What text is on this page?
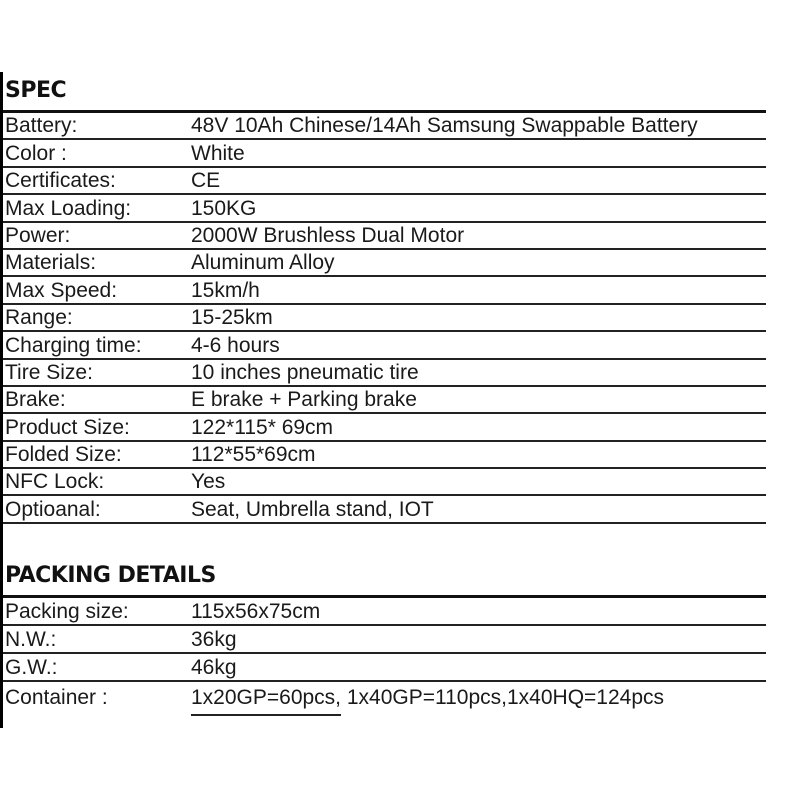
SPEC
Battery:	48V 10Ah Chinese/14Ah Samsung Swappable Battery
Color :	White
Certificates:	CE
Max Loading:	150KG
Power:	2000W Brushless Dual Motor
Materials:	Aluminum Alloy
Max Speed:	15km/h
Range:	15-25km
Charging time:	4-6 hours
Tire Size:	10 inches pneumatic tire
Brake:	E brake + Parking brake
Product Size:	122*115* 69cm
Folded Size:	112*55*69cm
NFC Lock:	Yes
Optioanal:	Seat, Umbrella stand, IOT
PACKING DETAILS
Packing size:	115x56x75cm
N.W.:	36kg
G.W.:	46kg
Container :	1x20GP=60pcs, 1x40GP=110pcs,1x40HQ=124pcs
